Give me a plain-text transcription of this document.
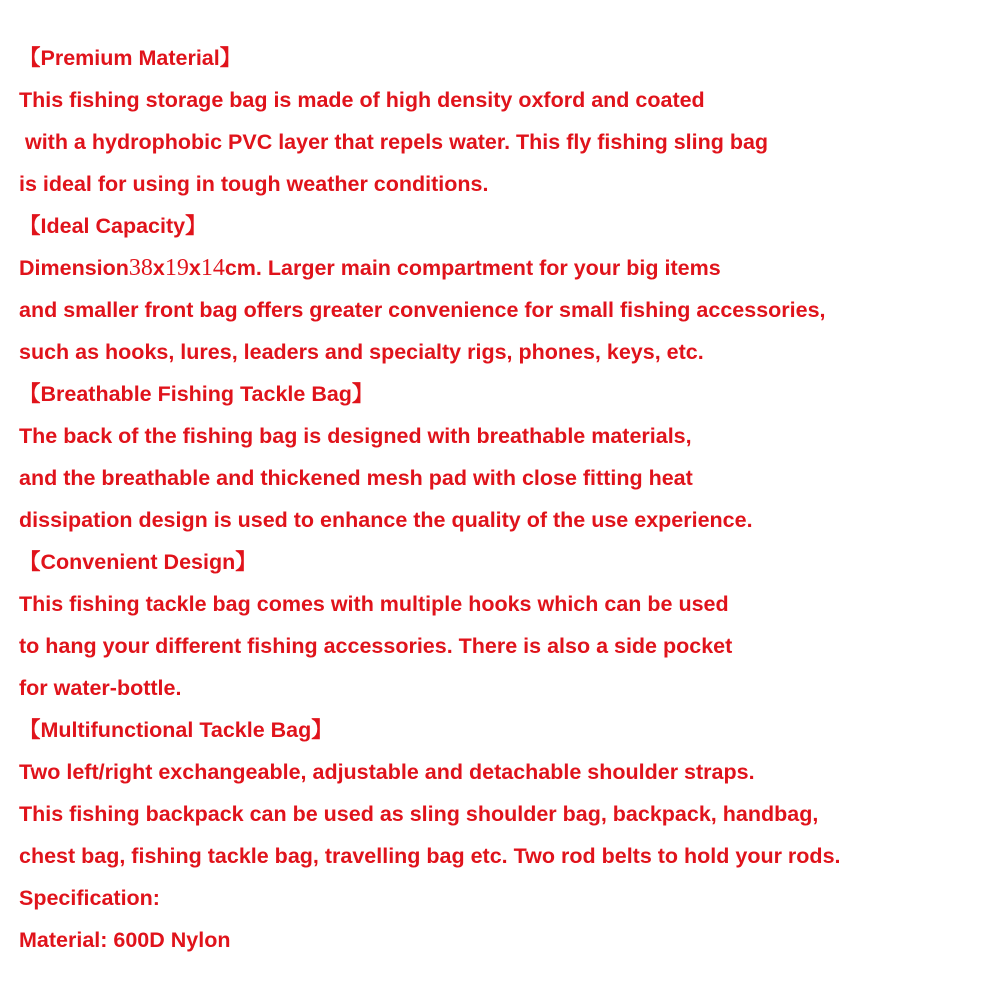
【Premium Material】
This fishing storage bag is made of high density oxford and coated
with a hydrophobic PVC layer that repels water. This fly fishing sling bag
is ideal for using in tough weather conditions.
【Ideal Capacity】
Dimension38x19x14cm. Larger main compartment for your big items
and smaller front bag offers greater convenience for small fishing accessories,
such as hooks, lures, leaders and specialty rigs, phones, keys, etc.
【Breathable Fishing Tackle Bag】
The back of the fishing bag is designed with breathable materials,
and the breathable and thickened mesh pad with close fitting heat
dissipation design is used to enhance the quality of the use experience.
【Convenient Design】
This fishing tackle bag comes with multiple hooks which can be used
to hang your different fishing accessories. There is also a side pocket
for water-bottle.
【Multifunctional Tackle Bag】
Two left/right exchangeable, adjustable and detachable shoulder straps.
This fishing backpack can be used as sling shoulder bag, backpack, handbag,
chest bag, fishing tackle bag, travelling bag etc. Two rod belts to hold your rods.
Specification:
Material: 600D Nylon
